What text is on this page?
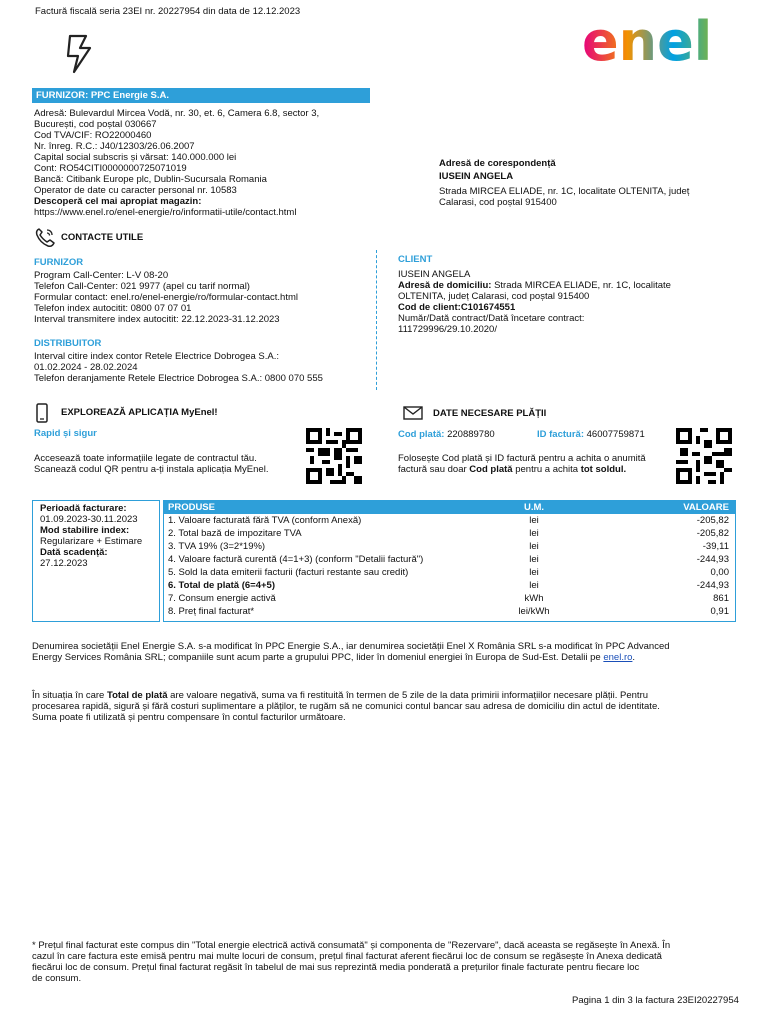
Factură fiscală seria 23EI nr. 20227954 din data de 12.12.2023	enel
FURNIZOR: PPC Energie S.A.
Adresă: Bulevardul Mircea Vodă, nr. 30, et. 6, Camera 6.8, sector 3,
București, cod poștal 030667
Cod TVA/CIF: RO22000460
Nr. înreg. R.C.: J40/12303/26.06.2007
Capital social subscris și vărsat: 140.000.000 lei
Cont: RO54CITI0000000725071019
Bancă: Citibank Europe plc, Dublin-Sucursala Romania
Operator de date cu caracter personal nr. 10583
Descoperă cel mai apropiat magazin:
https://www.enel.ro/enel-energie/ro/informatii-utile/contact.html
Adresă de corespondență
IUSEIN ANGELA
Strada MIRCEA ELIADE, nr. 1C, localitate OLTENITA, județ
Calarasi, cod poștal 915400
CONTACTE UTILE
FURNIZOR
Program Call-Center: L-V 08-20
Telefon Call-Center: 021 9977 (apel cu tarif normal)
Formular contact: enel.ro/enel-energie/ro/formular-contact.html
Telefon index autocitit: 0800 07 07 01
Interval transmitere index autocitit: 22.12.2023-31.12.2023
DISTRIBUITOR
Interval citire index contor Retele Electrice Dobrogea S.A.:
01.02.2024 - 28.02.2024
Telefon deranjamente Retele Electrice Dobrogea S.A.: 0800 070 555
CLIENT
IUSEIN ANGELA
Adresă de domiciliu: Strada MIRCEA ELIADE, nr. 1C, localitate
OLTENITA, județ Calarasi, cod poștal 915400
Cod de client:C101674551
Număr/Dată contract/Dată încetare contract:
111729996/29.10.2020/
EXPLOREAZĂ APLICAȚIA MyEnel!
Rapid și sigur
Accesează toate informațiile legate de contractul tău.
Scanează codul QR pentru a-ți instala aplicația MyEnel.
DATE NECESARE PLĂȚII
Cod plată: 220889780	ID factură: 46007759871
Folosește Cod plată și ID factură pentru a achita o anumită
factură sau doar Cod plată pentru a achita tot soldul.
Perioadă facturare:
01.09.2023-30.11.2023
Mod stabilire index:
Regularizare + Estimare
Dată scadență:
27.12.2023
PRODUSE	U.M.	VALOARE
1. Valoare facturată fără TVA (conform Anexă)	lei	-205,82
2. Total bază de impozitare TVA	lei	-205,82
3. TVA 19% (3=2*19%)	lei	-39,11
4. Valoare factură curentă (4=1+3) (conform "Detalii factură")	lei	-244,93
5. Sold la data emiterii facturii (facturi restante sau credit)	lei	0,00
6. Total de plată (6=4+5)	lei	-244,93
7. Consum energie activă	kWh	861
8. Preț final facturat*	lei/kWh	0,91
Denumirea societății Enel Energie S.A. s-a modificat în PPC Energie S.A., iar denumirea societății Enel X România SRL s-a modificat în PPC Advanced
Energy Services România SRL; companiile sunt acum parte a grupului PPC, lider în domeniul energiei în Europa de Sud-Est. Detalii pe enel.ro.
În situația în care Total de plată are valoare negativă, suma va fi restituită în termen de 5 zile de la data primirii informațiilor necesare plății. Pentru
procesarea rapidă, sigură și fără costuri suplimentare a plăților, te rugăm să ne comunici contul bancar sau adresa de domiciliu din actul de identitate.
Suma poate fi utilizată și pentru compensare în contul facturilor următoare.
* Prețul final facturat este compus din "Total energie electrică activă consumată" și componenta de "Rezervare", dacă aceasta se regăsește în Anexă. În
cazul în care factura este emisă pentru mai multe locuri de consum, prețul final facturat aferent fiecărui loc de consum se regăsește în Anexa dedicată
fiecărui loc de consum. Prețul final facturat regăsit în tabelul de mai sus reprezintă media ponderată a prețurilor finale facturate pentru fiecare loc
de consum.
Pagina 1 din 3 la factura 23EI20227954
